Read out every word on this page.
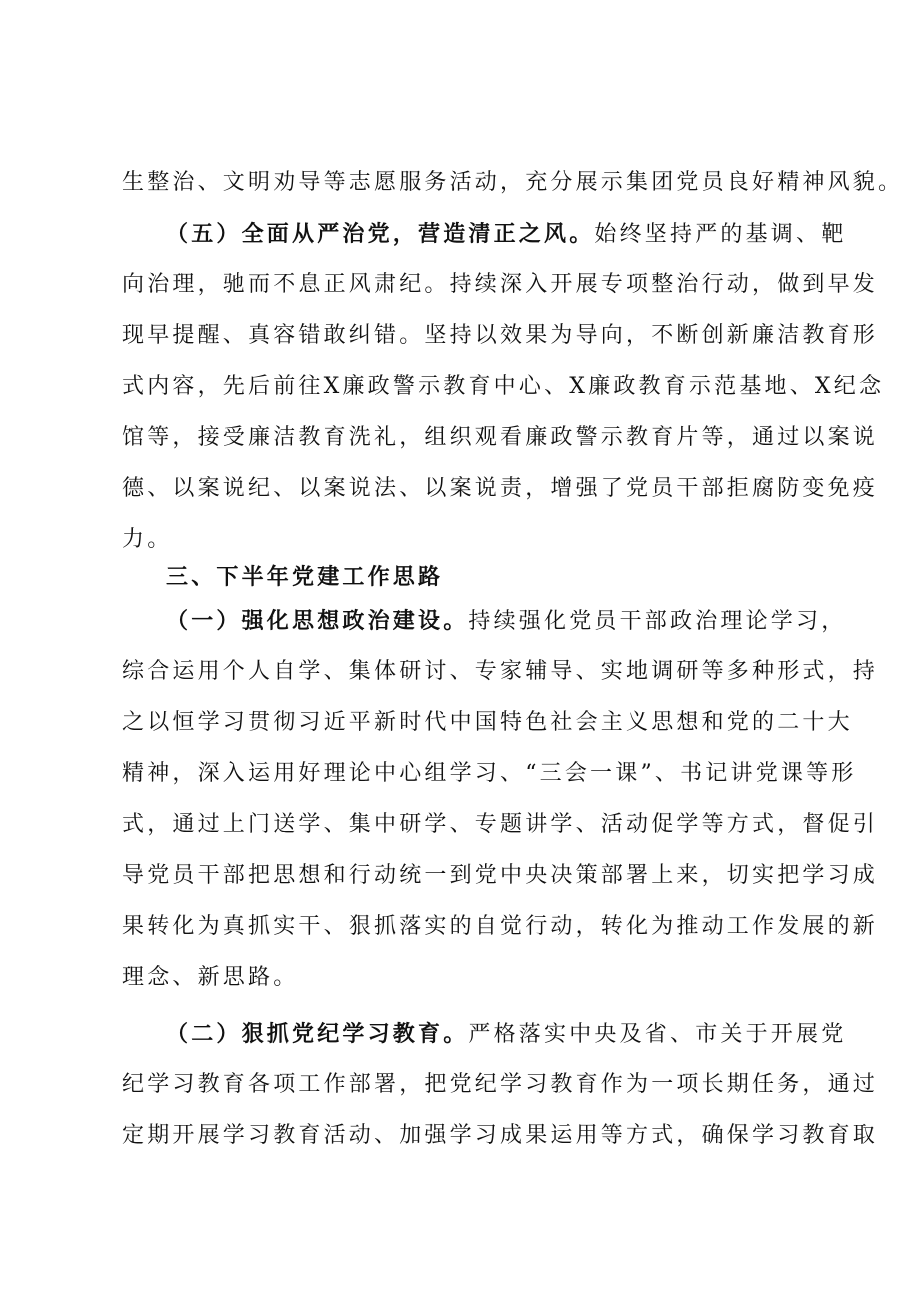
生整治、文明劝导等志愿服务活动，充分展示集团党员良好精神风貌。
（五）全面从严治党，营造清正之风。始终坚持严的基调、靶
向治理，驰而不息正风肃纪。持续深入开展专项整治行动，做到早发
现早提醒、真容错敢纠错。坚持以效果为导向，不断创新廉洁教育形
式内容，先后前往X廉政警示教育中心、X廉政教育示范基地、X纪念
馆等，接受廉洁教育洗礼，组织观看廉政警示教育片等，通过以案说
德、以案说纪、以案说法、以案说责，增强了党员干部拒腐防变免疫
力。
三、下半年党建工作思路
（一）强化思想政治建设。持续强化党员干部政治理论学习，
综合运用个人自学、集体研讨、专家辅导、实地调研等多种形式，持
之以恒学习贯彻习近平新时代中国特色社会主义思想和党的二十大
精神，深入运用好理论中心组学习、“三会一课”、书记讲党课等形
式，通过上门送学、集中研学、专题讲学、活动促学等方式，督促引
导党员干部把思想和行动统一到党中央决策部署上来，切实把学习成
果转化为真抓实干、狠抓落实的自觉行动，转化为推动工作发展的新
理念、新思路。
（二）狠抓党纪学习教育。严格落实中央及省、市关于开展党
纪学习教育各项工作部署，把党纪学习教育作为一项长期任务，通过
定期开展学习教育活动、加强学习成果运用等方式，确保学习教育取
